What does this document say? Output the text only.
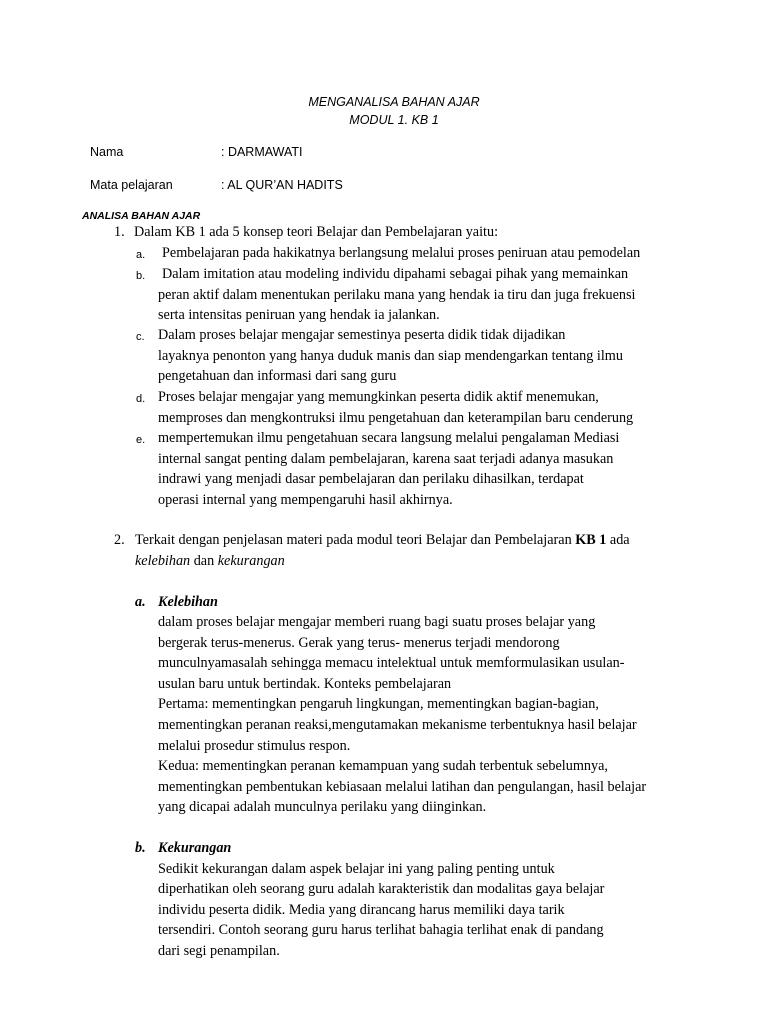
MENGANALISA BAHAN AJAR
MODUL 1. KB 1
Nama	: DARMAWATI
Mata pelajaran	: AL QUR’AN HADITS
ANALISA BAHAN AJAR
1. Dalam KB 1 ada 5 konsep teori Belajar dan Pembelajaran yaitu:
a. Pembelajaran pada hakikatnya berlangsung melalui proses peniruan atau pemodelan
b. Dalam imitation atau modeling individu dipahami sebagai pihak yang memainkan
peran aktif dalam menentukan perilaku mana yang hendak ia tiru dan juga frekuensi
serta intensitas peniruan yang hendak ia jalankan.
c. Dalam proses belajar mengajar semestinya peserta didik tidak dijadikan
layaknya penonton yang hanya duduk manis dan siap mendengarkan tentang ilmu
pengetahuan dan informasi dari sang guru
d. Proses belajar mengajar yang memungkinkan peserta didik aktif menemukan,
memproses dan mengkontruksi ilmu pengetahuan dan keterampilan baru cenderung
e. mempertemukan ilmu pengetahuan secara langsung melalui pengalaman Mediasi
internal sangat penting dalam pembelajaran, karena saat terjadi adanya masukan
indrawi yang menjadi dasar pembelajaran dan perilaku dihasilkan, terdapat
operasi internal yang mempengaruhi hasil akhirnya.
2. Terkait dengan penjelasan materi pada modul teori Belajar dan Pembelajaran KB 1 ada
kelebihan dan kekurangan
a. Kelebihan
dalam proses belajar mengajar memberi ruang bagi suatu proses belajar yang
bergerak terus-menerus. Gerak yang terus- menerus terjadi mendorong
munculnyamasalah sehingga memacu intelektual untuk memformulasikan usulan-
usulan baru untuk bertindak. Konteks pembelajaran
Pertama: mementingkan pengaruh lingkungan, mementingkan bagian-bagian,
mementingkan peranan reaksi,mengutamakan mekanisme terbentuknya hasil belajar
melalui prosedur stimulus respon.
Kedua: mementingkan peranan kemampuan yang sudah terbentuk sebelumnya,
mementingkan pembentukan kebiasaan melalui latihan dan pengulangan, hasil belajar
yang dicapai adalah munculnya perilaku yang diinginkan.
b. Kekurangan
Sedikit kekurangan dalam aspek belajar ini yang paling penting untuk
diperhatikan oleh seorang guru adalah karakteristik dan modalitas gaya belajar
individu peserta didik. Media yang dirancang harus memiliki daya tarik
tersendiri. Contoh seorang guru harus terlihat bahagia terlihat enak di pandang
dari segi penampilan.
